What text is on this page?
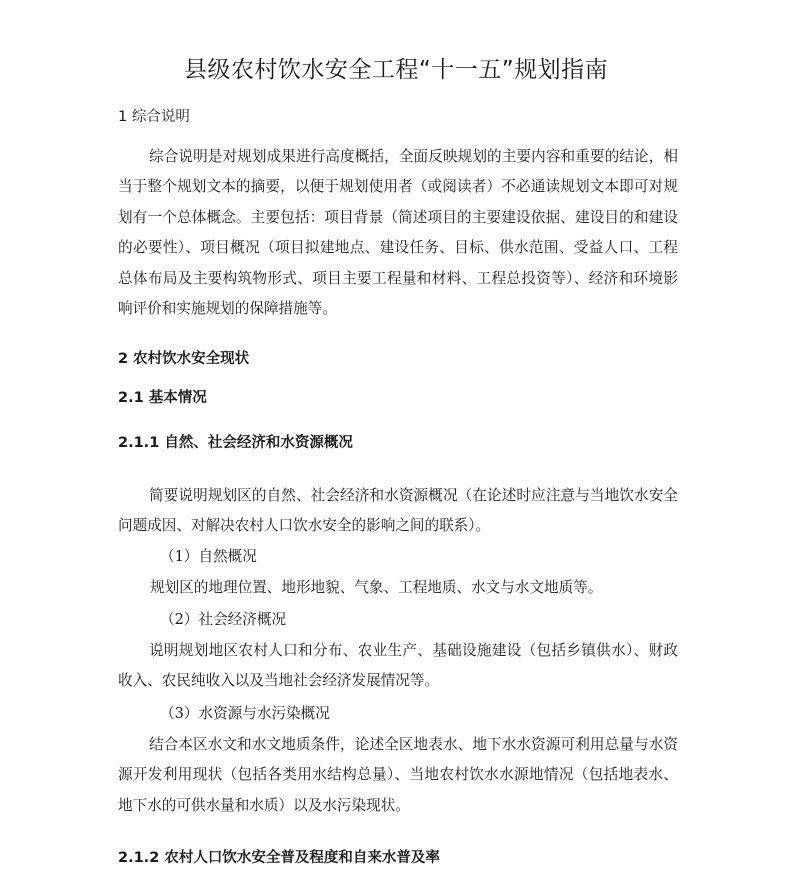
县级农村饮水安全工程“十一五”规划指南
1 综合说明
综合说明是对规划成果进行高度概括，全面反映规划的主要内容和重要的结论，相当于整个规划文本的摘要，以便于规划使用者（或阅读者）不必通读规划文本即可对规划有一个总体概念。主要包括：项目背景（简述项目的主要建设依据、建设目的和建设的必要性）、项目概况（项目拟建地点、建设任务、目标、供水范围、受益人口、工程总体布局及主要构筑物形式、项目主要工程量和材料、工程总投资等）、经济和环境影响评价和实施规划的保障措施等。
2 农村饮水安全现状
2.1 基本情况
2.1.1 自然、社会经济和水资源概况
简要说明规划区的自然、社会经济和水资源概况（在论述时应注意与当地饮水安全问题成因、对解决农村人口饮水安全的影响之间的联系）。
（1）自然概况
规划区的地理位置、地形地貌、气象、工程地质、水文与水文地质等。
（2）社会经济概况
说明规划地区农村人口和分布、农业生产、基础设施建设（包括乡镇供水）、财政收入、农民纯收入以及当地社会经济发展情况等。
（3）水资源与水污染概况
结合本区水文和水文地质条件，论述全区地表水、地下水水资源可利用总量与水资源开发利用现状（包括各类用水结构总量）、当地农村饮水水源地情况（包括地表水、地下水的可供水量和水质）以及水污染现状。
2.1.2 农村人口饮水安全普及程度和自来水普及率
